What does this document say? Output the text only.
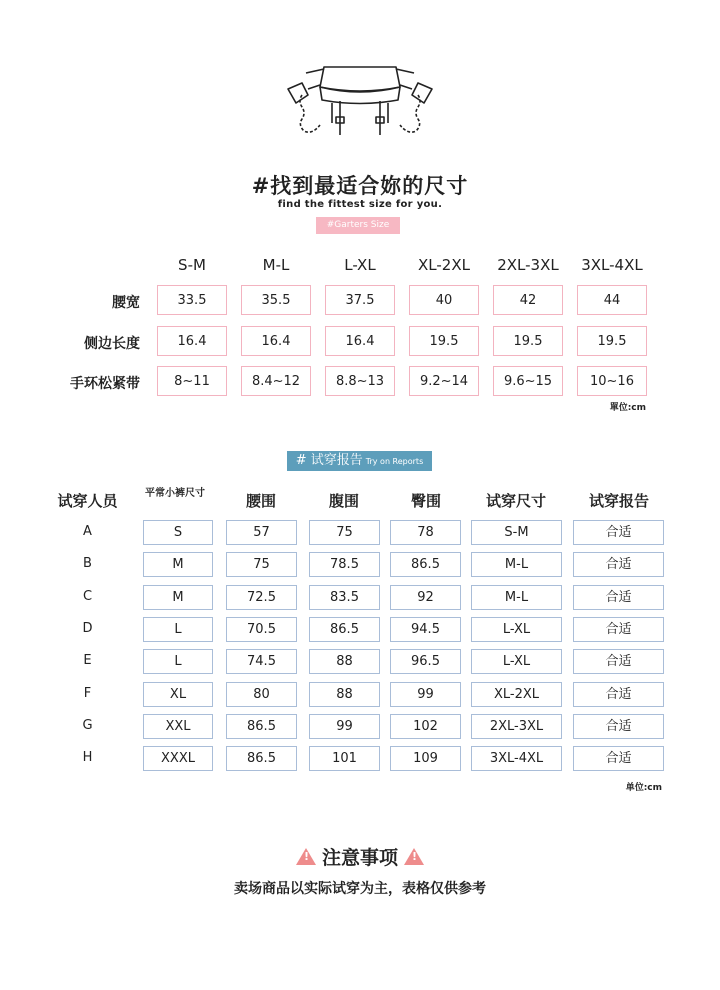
#找到最适合妳的尺寸
find the fittest size for you.
#Garters Size
S-M	M-L	L-XL	XL-2XL	2XL-3XL	3XL-4XL
腰宽	33.5	35.5	37.5	40	42	44
侧边长度	16.4	16.4	16.4	19.5	19.5	19.5
手环松紧带	8~11	8.4~12	8.8~13	9.2~14	9.6~15	10~16
單位:cm
# 试穿报告 Try on Reports
试穿人员	平常小裤尺寸	腰围	腹围	臀围	试穿尺寸	试穿报告
A	S	57	75	78	S-M	合适
B	M	75	78.5	86.5	M-L	合适
C	M	72.5	83.5	92	M-L	合适
D	L	70.5	86.5	94.5	L-XL	合适
E	L	74.5	88	96.5	L-XL	合适
F	XL	80	88	99	XL-2XL	合适
G	XXL	86.5	99	102	2XL-3XL	合适
H	XXXL	86.5	101	109	3XL-4XL	合适
单位:cm
!注意事项!
卖场商品以实际试穿为主，表格仅供参考
